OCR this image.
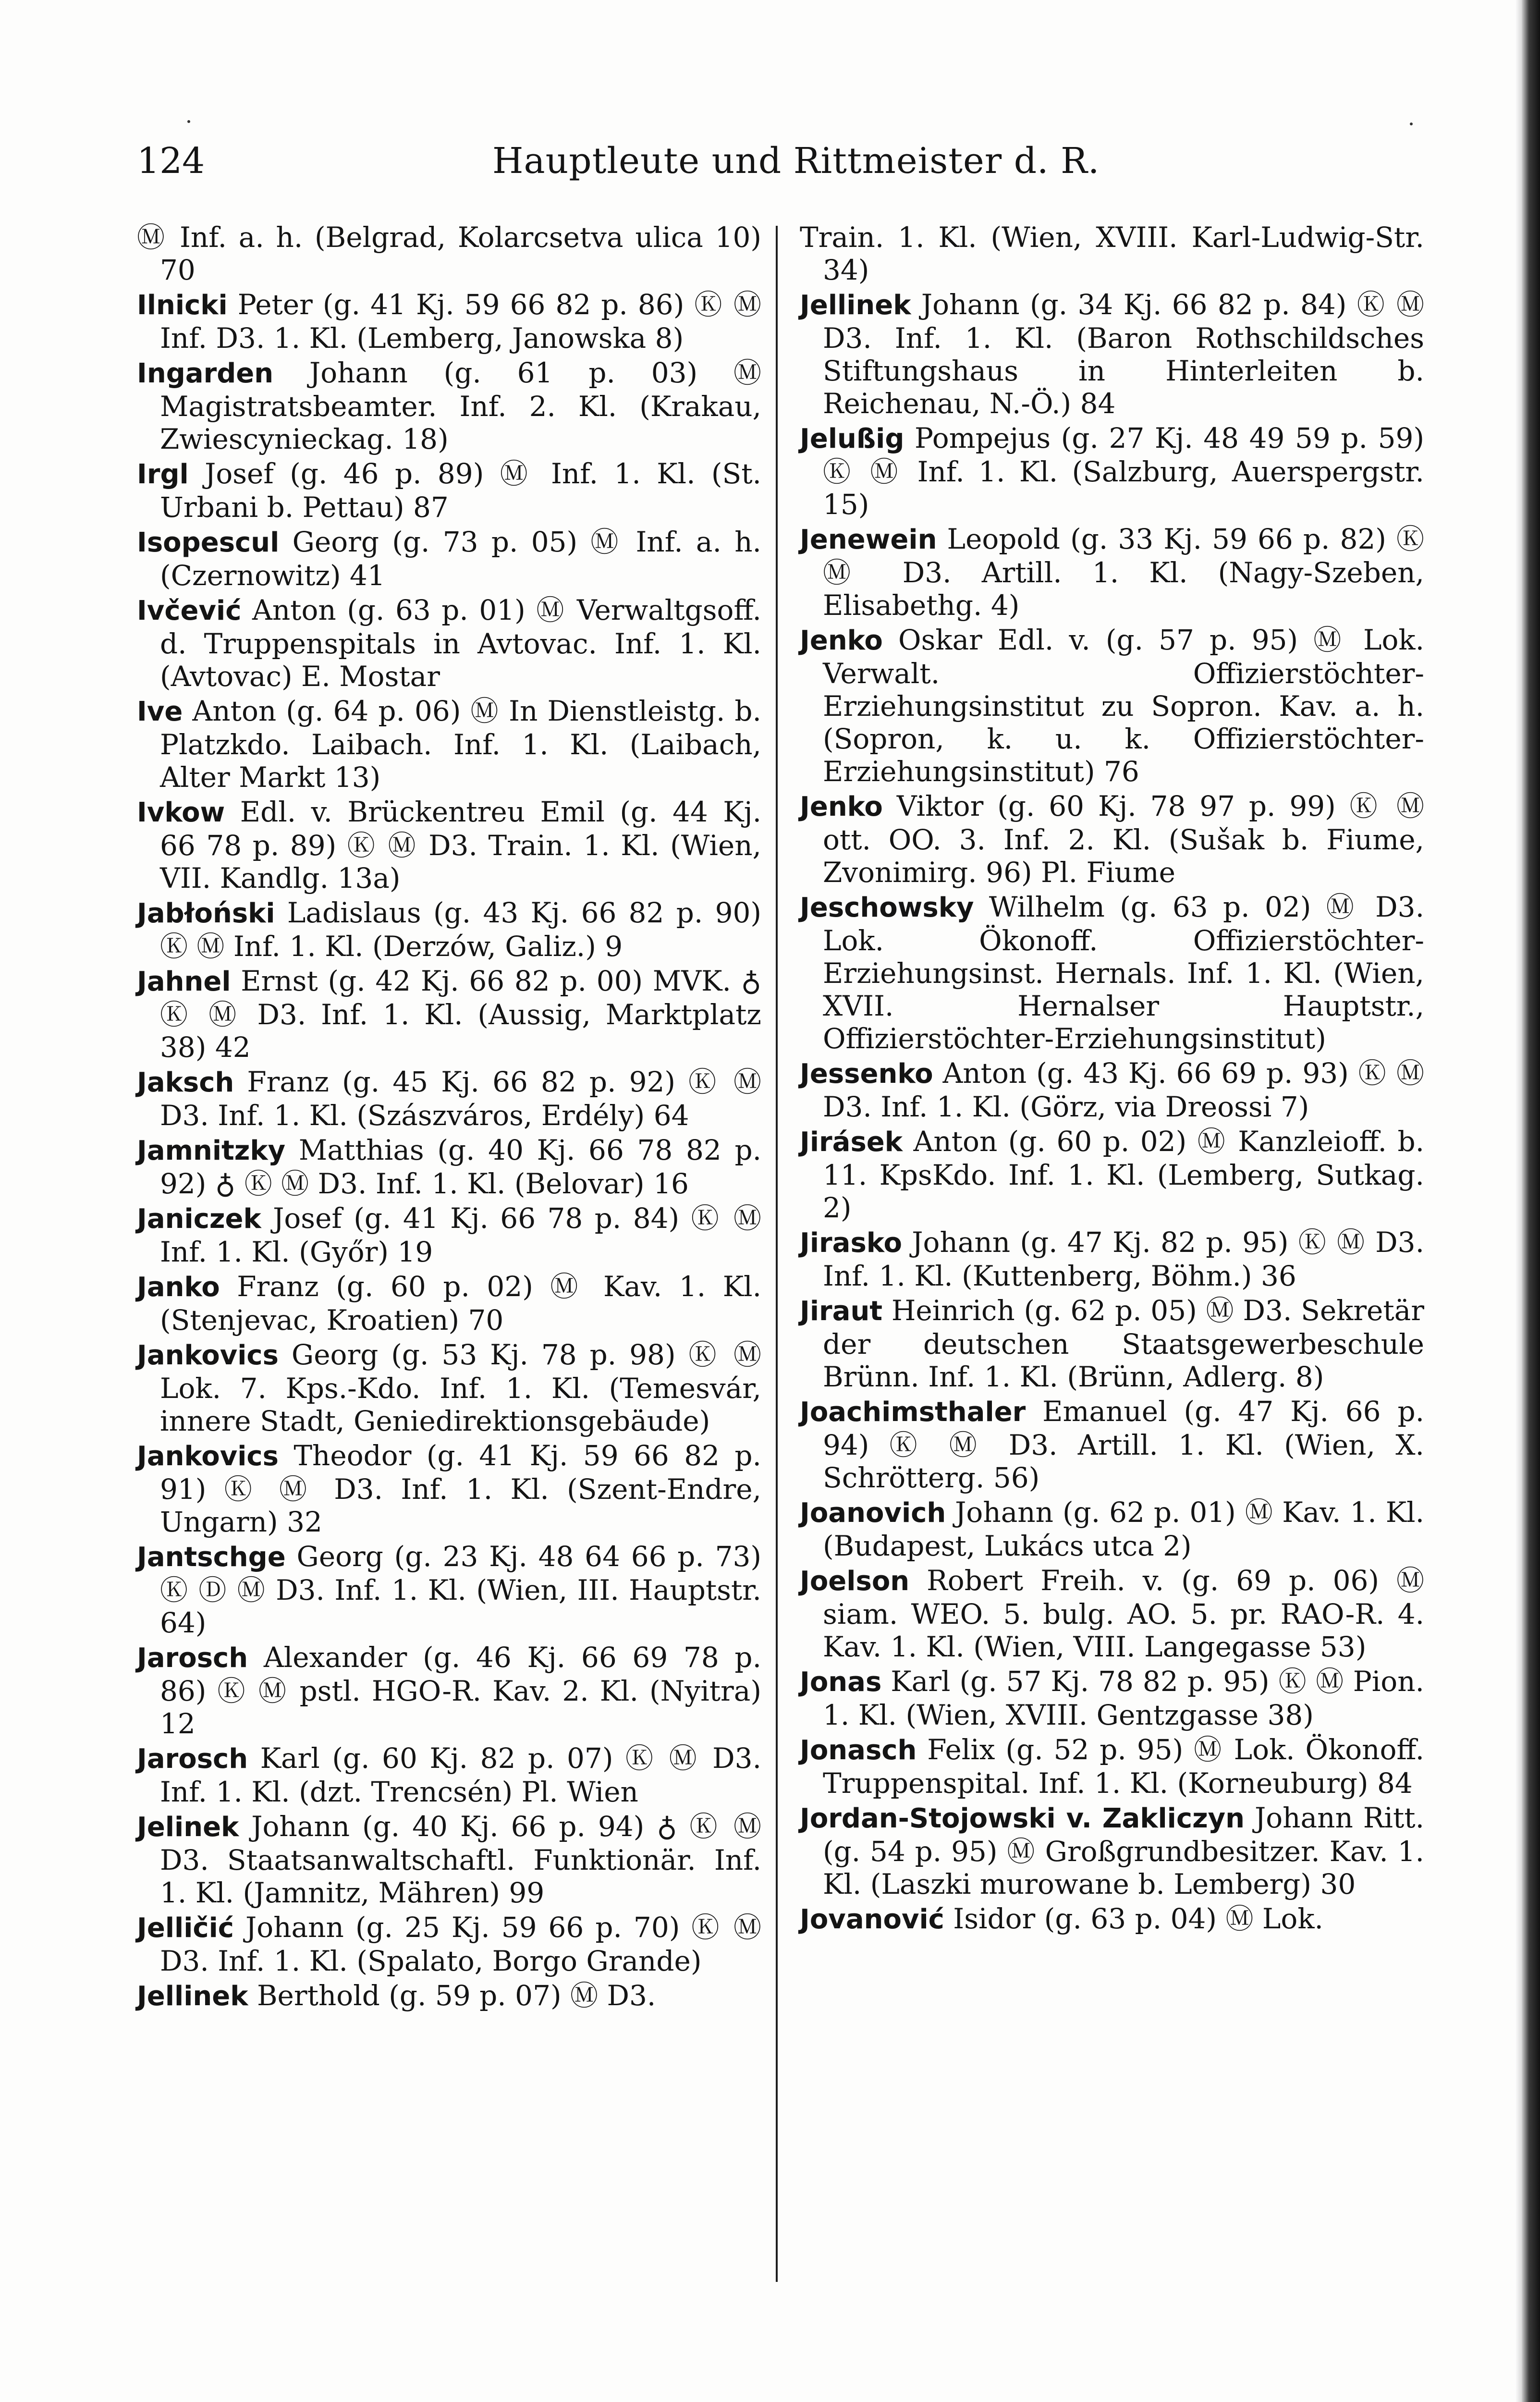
124	Hauptleute und Rittmeister d. R.

Ⓜ Inf. a. h. (Belgrad, Kolarcsetva ulica 10) 70

Ilnicki Peter (g. 41 Kj. 59 66 82 p. 86) Ⓚ Ⓜ Inf. D3. 1. Kl. (Lemberg, Janowska 8)

Ingarden Johann (g. 61 p. 03) Ⓜ Magistratsbeamter. Inf. 2. Kl. (Krakau, Zwiescynieckag. 18)

Irgl Josef (g. 46 p. 89) Ⓜ Inf. 1. Kl. (St. Urbani b. Pettau) 87

Isopescul Georg (g. 73 p. 05) Ⓜ Inf. a. h. (Czernowitz) 41

Ivčević Anton (g. 63 p. 01) Ⓜ Verwaltgsoff. d. Truppenspitals in Avtovac. Inf. 1. Kl. (Avtovac) E. Mostar

Ive Anton (g. 64 p. 06) Ⓜ In Dienstleistg. b. Platzkdo. Laibach. Inf. 1. Kl. (Laibach, Alter Markt 13)

Ivkow Edl. v. Brückentreu Emil (g. 44 Kj. 66 78 p. 89) Ⓚ Ⓜ D3. Train. 1. Kl. (Wien, VII. Kandlg. 13a)

Jabłoński Ladislaus (g. 43 Kj. 66 82 p. 90) Ⓚ Ⓜ Inf. 1. Kl. (Derzów, Galiz.) 9

Jahnel Ernst (g. 42 Kj. 66 82 p. 00) MVK. ♁ Ⓚ Ⓜ D3. Inf. 1. Kl. (Aussig, Marktplatz 38) 42

Jaksch Franz (g. 45 Kj. 66 82 p. 92) Ⓚ Ⓜ D3. Inf. 1. Kl. (Szászváros, Erdély) 64

Jamnitzky Matthias (g. 40 Kj. 66 78 82 p. 92) ♁ Ⓚ Ⓜ D3. Inf. 1. Kl. (Belovar) 16

Janiczek Josef (g. 41 Kj. 66 78 p. 84) Ⓚ Ⓜ Inf. 1. Kl. (Győr) 19

Janko Franz (g. 60 p. 02) Ⓜ Kav. 1. Kl. (Stenjevac, Kroatien) 70

Jankovics Georg (g. 53 Kj. 78 p. 98) Ⓚ Ⓜ Lok. 7. Kps.-Kdo. Inf. 1. Kl. (Temesvár, innere Stadt, Geniedirektionsgebäude)

Jankovics Theodor (g. 41 Kj. 59 66 82 p. 91) Ⓚ Ⓜ D3. Inf. 1. Kl. (Szent-Endre, Ungarn) 32

Jantschge Georg (g. 23 Kj. 48 64 66 p. 73) Ⓚ Ⓓ Ⓜ D3. Inf. 1. Kl. (Wien, III. Hauptstr. 64)

Jarosch Alexander (g. 46 Kj. 66 69 78 p. 86) Ⓚ Ⓜ pstl. HGO-R. Kav. 2. Kl. (Nyitra) 12

Jarosch Karl (g. 60 Kj. 82 p. 07) Ⓚ Ⓜ D3. Inf. 1. Kl. (dzt. Trencsén) Pl. Wien

Jelinek Johann (g. 40 Kj. 66 p. 94) ♁ Ⓚ Ⓜ D3. Staatsanwaltschaftl. Funktionär. Inf. 1. Kl. (Jamnitz, Mähren) 99

Jelličić Johann (g. 25 Kj. 59 66 p. 70) Ⓚ Ⓜ D3. Inf. 1. Kl. (Spalato, Borgo Grande)

Jellinek Berthold (g. 59 p. 07) Ⓜ D3.

Train. 1. Kl. (Wien, XVIII. Karl-Ludwig-Str. 34)

Jellinek Johann (g. 34 Kj. 66 82 p. 84) Ⓚ Ⓜ D3. Inf. 1. Kl. (Baron Rothschildsches Stiftungshaus in Hinterleiten b. Reichenau, N.-Ö.) 84

Jelußig Pompejus (g. 27 Kj. 48 49 59 p. 59) Ⓚ Ⓜ Inf. 1. Kl. (Salzburg, Auerspergstr. 15)

Jenewein Leopold (g. 33 Kj. 59 66 p. 82) Ⓚ Ⓜ D3. Artill. 1. Kl. (Nagy-Szeben, Elisabethg. 4)

Jenko Oskar Edl. v. (g. 57 p. 95) Ⓜ Lok. Verwalt. Offizierstöchter-Erziehungsinstitut zu Sopron. Kav. a. h. (Sopron, k. u. k. Offizierstöchter-Erziehungsinstitut) 76

Jenko Viktor (g. 60 Kj. 78 97 p. 99) Ⓚ Ⓜ ott. OO. 3. Inf. 2. Kl. (Sušak b. Fiume, Zvonimirg. 96) Pl. Fiume

Jeschowsky Wilhelm (g. 63 p. 02) Ⓜ D3. Lok. Ökonoff. Offizierstöchter-Erziehungsinst. Hernals. Inf. 1. Kl. (Wien, XVII. Hernalser Hauptstr., Offizierstöchter-Erziehungsinstitut)

Jessenko Anton (g. 43 Kj. 66 69 p. 93) Ⓚ Ⓜ D3. Inf. 1. Kl. (Görz, via Dreossi 7)

Jirásek Anton (g. 60 p. 02) Ⓜ Kanzleioff. b. 11. KpsKdo. Inf. 1. Kl. (Lemberg, Sutkag. 2)

Jirasko Johann (g. 47 Kj. 82 p. 95) Ⓚ Ⓜ D3. Inf. 1. Kl. (Kuttenberg, Böhm.) 36

Jiraut Heinrich (g. 62 p. 05) Ⓜ D3. Sekretär der deutschen Staatsgewerbeschule Brünn. Inf. 1. Kl. (Brünn, Adlerg. 8)

Joachimsthaler Emanuel (g. 47 Kj. 66 p. 94) Ⓚ Ⓜ D3. Artill. 1. Kl. (Wien, X. Schrötterg. 56)

Joanovich Johann (g. 62 p. 01) Ⓜ Kav. 1. Kl. (Budapest, Lukács utca 2)

Joelson Robert Freih. v. (g. 69 p. 06) Ⓜ siam. WEO. 5. bulg. AO. 5. pr. RAO-R. 4. Kav. 1. Kl. (Wien, VIII. Langegasse 53)

Jonas Karl (g. 57 Kj. 78 82 p. 95) Ⓚ Ⓜ Pion. 1. Kl. (Wien, XVIII. Gentzgasse 38)

Jonasch Felix (g. 52 p. 95) Ⓜ Lok. Ökonoff. Truppenspital. Inf. 1. Kl. (Korneuburg) 84

Jordan-Stojowski v. Zakliczyn Johann Ritt. (g. 54 p. 95) Ⓜ Großgrundbesitzer. Kav. 1. Kl. (Laszki murowane b. Lemberg) 30

Jovanović Isidor (g. 63 p. 04) Ⓜ Lok.
